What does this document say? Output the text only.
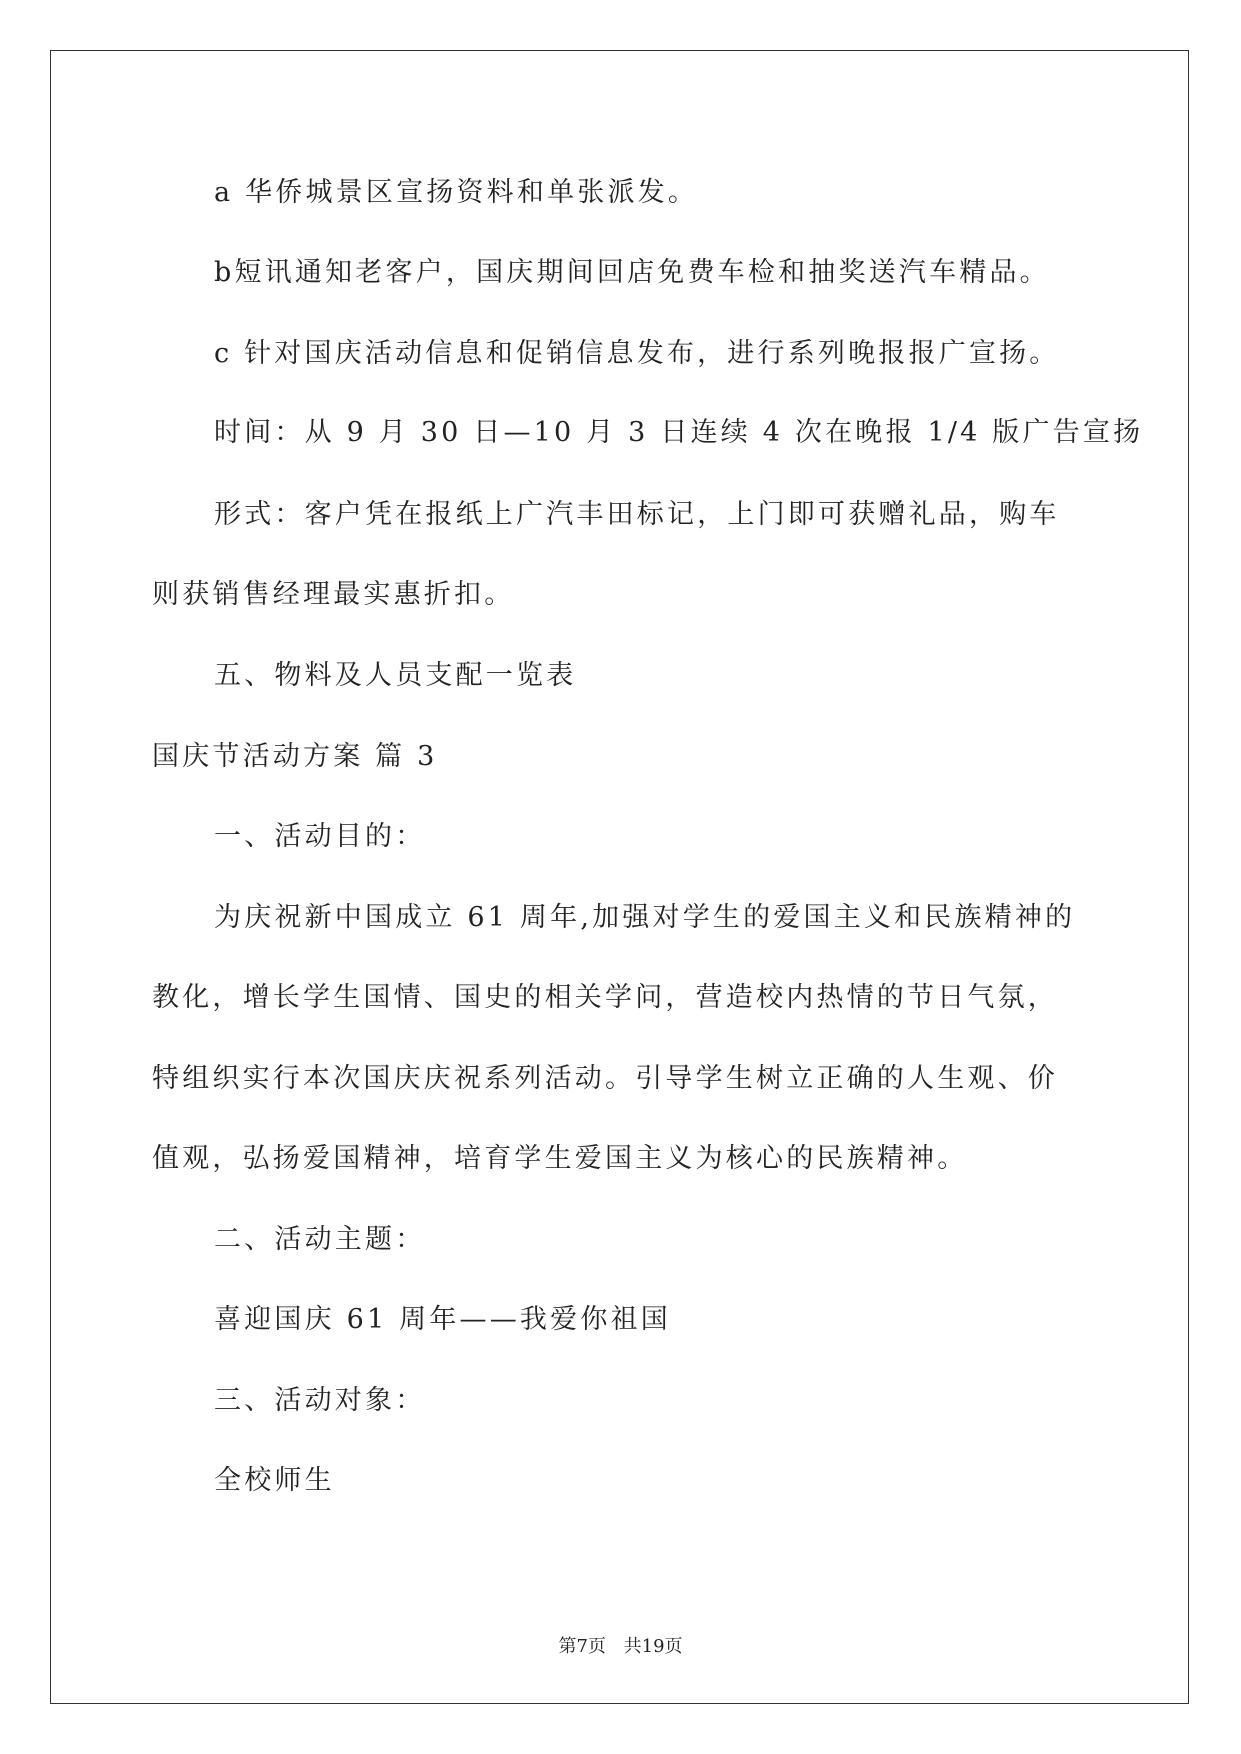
a 华侨城景区宣扬资料和单张派发。
b短讯通知老客户，国庆期间回店免费车检和抽奖送汽车精品。
c 针对国庆活动信息和促销信息发布，进行系列晚报报广宣扬。
时间：从 9 月 30 日—10 月 3 日连续 4 次在晚报 1/4 版广告宣扬
形式：客户凭在报纸上广汽丰田标记，上门即可获赠礼品，购车
则获销售经理最实惠折扣。
五、物料及人员支配一览表
国庆节活动方案 篇 3
一、活动目的：
为庆祝新中国成立 61 周年,加强对学生的爱国主义和民族精神的
教化，增长学生国情、国史的相关学问，营造校内热情的节日气氛，
特组织实行本次国庆庆祝系列活动。引导学生树立正确的人生观、价
值观，弘扬爱国精神，培育学生爱国主义为核心的民族精神。
二、活动主题：
喜迎国庆 61 周年——我爱你祖国
三、活动对象：
全校师生
第7页 共19页
